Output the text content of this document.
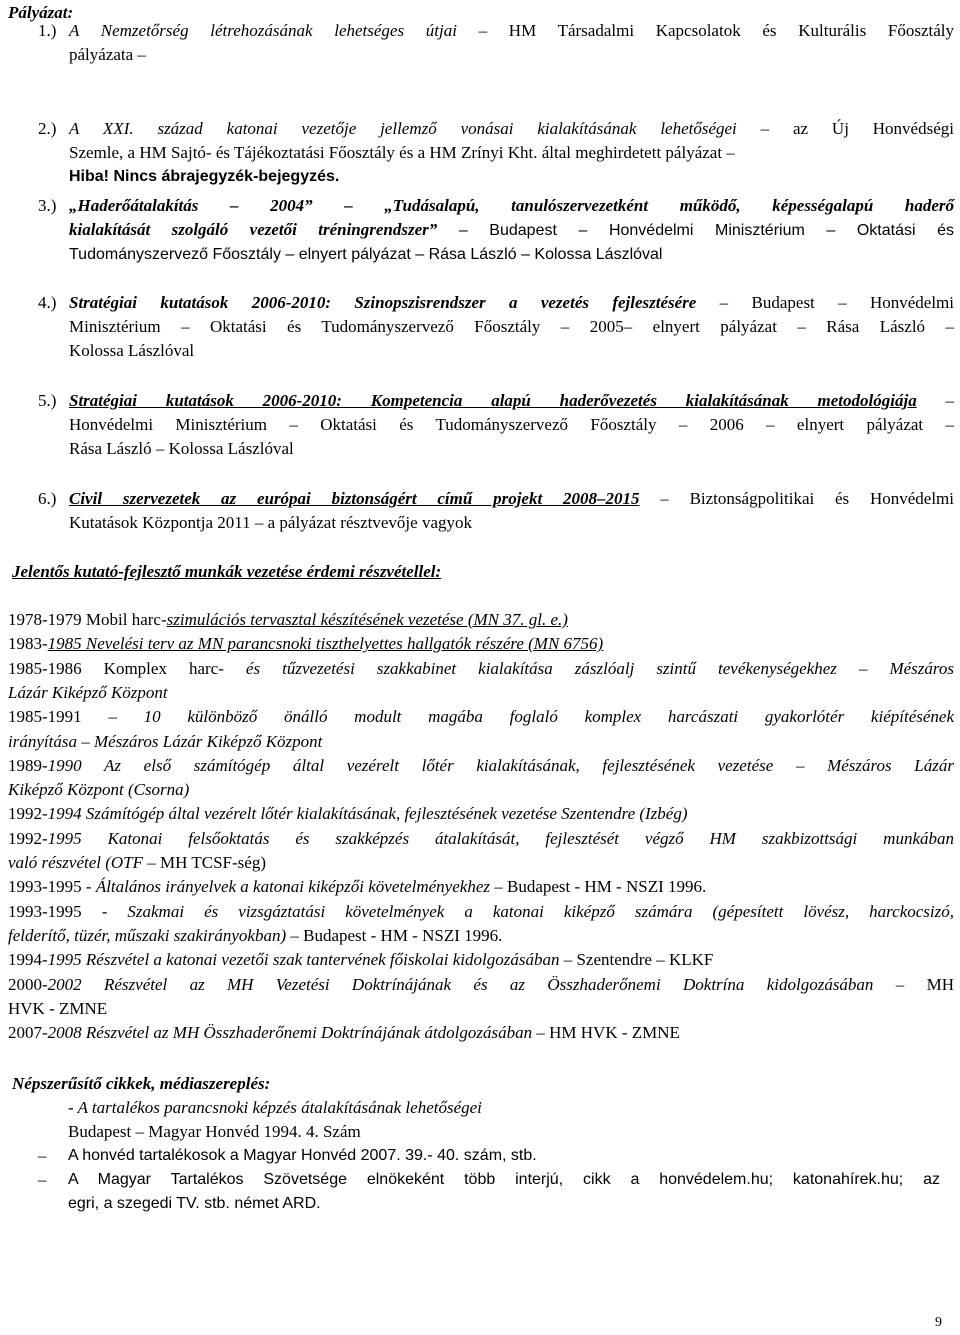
Pályázat:
1.) A Nemzetőrség létrehozásának lehetséges útjai – HM Társadalmi Kapcsolatok és Kulturális Főosztály
pályázata –
2.) A XXI. század katonai vezetője jellemző vonásai kialakításának lehetőségei – az Új Honvédségi
Szemle, a HM Sajtó- és Tájékoztatási Főosztály és a HM Zrínyi Kht. által meghirdetett pályázat –
Hiba! Nincs ábrajegyzék-bejegyzés.
3.) „Haderőátalakítás – 2004” – „Tudásalapú, tanulószervezetként működő, képességalapú haderő
kialakítását szolgáló vezetői tréningrendszer” – Budapest – Honvédelmi Minisztérium – Oktatási és
Tudományszervező Főosztály – elnyert pályázat – Rása László – Kolossa Lászlóval
4.) Stratégiai kutatások 2006-2010: Szinopszisrendszer a vezetés fejlesztésére – Budapest – Honvédelmi
Minisztérium – Oktatási és Tudományszervező Főosztály – 2005– elnyert pályázat – Rása László –
Kolossa Lászlóval
5.) Stratégiai kutatások 2006-2010: Kompetencia alapú haderővezetés kialakításának metodológiája –
Honvédelmi Minisztérium – Oktatási és Tudományszervező Főosztály – 2006 – elnyert pályázat –
Rása László – Kolossa Lászlóval
6.) Civil szervezetek az európai biztonságért című projekt 2008–2015 – Biztonságpolitikai és Honvédelmi
Kutatások Központja 2011 – a pályázat résztvevője vagyok
Jelentős kutató-fejlesztő munkák vezetése érdemi részvétellel:
1978-1979 Mobil harc-szimulációs tervasztal készítésének vezetése (MN 37. gl. e.)
1983-1985 Nevelési terv az MN parancsnoki tiszthelyettes hallgatók részére (MN 6756)
1985-1986 Komplex harc- és tűzvezetési szakkabinet kialakítása zászlóalj szintű tevékenységekhez – Mészáros
Lázár Kiképző Központ
1985-1991 – 10 különböző önálló modult magába foglaló komplex harcászati gyakorlótér kiépítésének
irányítása – Mészáros Lázár Kiképző Központ
1989-1990 Az első számítógép által vezérelt lőtér kialakításának, fejlesztésének vezetése – Mészáros Lázár
Kiképző Központ (Csorna)
1992-1994 Számítógép által vezérelt lőtér kialakításának, fejlesztésének vezetése Szentendre (Izbég)
1992-1995 Katonai felsőoktatás és szakképzés átalakítását, fejlesztését végző HM szakbizottsági munkában
való részvétel (OTF – MH TCSF-ség)
1993-1995 - Általános irányelvek a katonai kiképzői követelményekhez – Budapest - HM - NSZI 1996.
1993-1995 - Szakmai és vizsgáztatási követelmények a katonai kiképző számára (gépesített lövész, harckocsizó,
felderítő, tüzér, műszaki szakirányokban) – Budapest - HM - NSZI 1996.
1994-1995 Részvétel a katonai vezetői szak tantervének főiskolai kidolgozásában – Szentendre – KLKF
2000-2002 Részvétel az MH Vezetési Doktrínájának és az Összhaderőnemi Doktrína kidolgozásában – MH
HVK - ZMNE
2007-2008 Részvétel az MH Összhaderőnemi Doktrínájának átdolgozásában – HM HVK - ZMNE
Népszerűsítő cikkek, médiaszereplés:
- A tartalékos parancsnoki képzés átalakításának lehetőségei
Budapest – Magyar Honvéd 1994. 4. Szám
– A honvéd tartalékosok a Magyar Honvéd 2007. 39.- 40. szám, stb.
– A Magyar Tartalékos Szövetsége elnökeként több interjú, cikk a honvédelem.hu; katonahírek.hu; az
egri, a szegedi TV. stb. német ARD.
9
